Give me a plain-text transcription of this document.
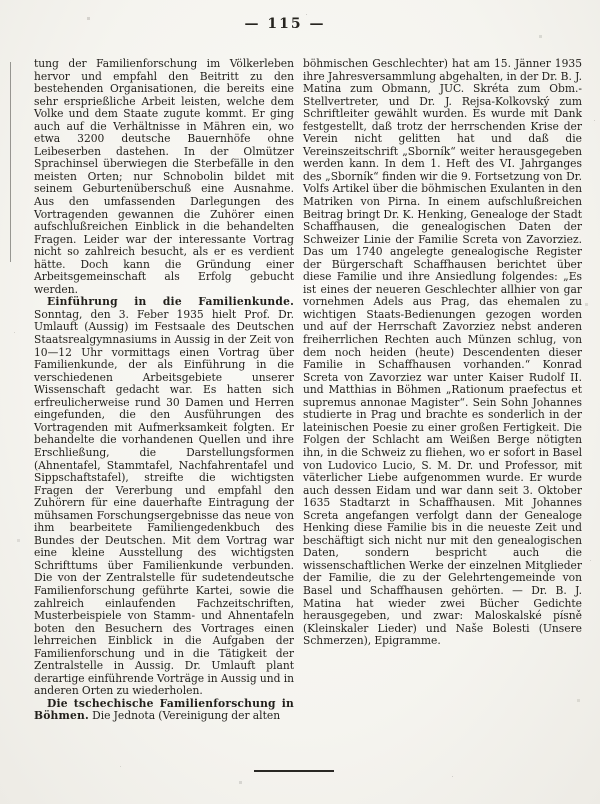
— 115 —

tung der Familienforschung im Völkerleben hervor und empfahl den Beitritt zu den bestehenden Organisationen, die bereits eine sehr ersprießliche Arbeit leisten, welche dem Volke und dem Staate zugute kommt. Er ging auch auf die Verhältnisse in Mähren ein, wo etwa 3200 deutsche Bauernhöfe ohne Leibeserben dastehen. In der Olmützer Sprachinsel überwiegen die Sterbefälle in den meisten Orten; nur Schnobolin bildet mit seinem Geburtenüberschuß eine Ausnahme. Aus den umfassenden Darlegungen des Vortragenden gewannen die Zuhörer einen aufschlußreichen Einblick in die behandelten Fragen. Leider war der interessante Vortrag nicht so zahlreich besucht, als er es verdient hätte. Doch kann die Gründung einer Arbeitsgemeinschaft als Erfolg gebucht werden.

Einführung in die Familienkunde. Sonntag, den 3. Feber 1935 hielt Prof. Dr. Umlauft (Aussig) im Festsaale des Deutschen Staatsrealgymnasiums in Aussig in der Zeit von 10—12 Uhr vormittags einen Vortrag über Familienkunde, der als Einführung in die verschiedenen Arbeitsgebiete unserer Wissenschaft gedacht war. Es hatten sich erfreulicherweise rund 30 Damen und Herren eingefunden, die den Ausführungen des Vortragenden mit Aufmerksamkeit folgten. Er behandelte die vorhandenen Quellen und ihre Erschließung, die Darstellungsformen (Ahnentafel, Stammtafel, Nachfahrentafel und Sippschaftstafel), streifte die wichtigsten Fragen der Vererbung und empfahl den Zuhörern für eine dauerhafte Eintragung der mühsamen Forschungsergebnisse das neue von ihm bearbeitete Familiengedenkbuch des Bundes der Deutschen. Mit dem Vortrag war eine kleine Ausstellung des wichtigsten Schrifttums über Familienkunde verbunden. Die von der Zentralstelle für sudetendeutsche Familienforschung geführte Kartei, sowie die zahlreich einlaufenden Fachzeitschriften, Musterbeispiele von Stamm- und Ahnentafeln boten den Besuchern des Vortrages einen lehrreichen Einblick in die Aufgaben der Familienforschung und in die Tätigkeit der Zentralstelle in Aussig. Dr. Umlauft plant derartige einführende Vorträge in Aussig und in anderen Orten zu wiederholen.

Die tschechische Familienforschung in Böhmen. Die Jednota (Vereinigung der alten

böhmischen Geschlechter) hat am 15. Jänner 1935 ihre Jahresversammlung abgehalten, in der Dr. B. J. Matina zum Obmann, JUC. Skréta zum Obm.-Stellvertreter, und Dr. J. Rejsa-Kolkovský zum Schriftleiter gewählt wurden. Es wurde mit Dank festgestellt, daß trotz der herrschenden Krise der Verein nicht gelitten hat und daß die Vereinszeitschrift „Sborník“ weiter herausgegeben werden kann. In dem 1. Heft des VI. Jahrganges des „Sborník“ finden wir die 9. Fortsetzung von Dr. Volfs Artikel über die böhmischen Exulanten in den Matriken von Pirna. In einem aufschlußreichen Beitrag bringt Dr. K. Henking, Genealoge der Stadt Schaffhausen, die genealogischen Daten der Schweizer Linie der Familie Screta von Zavorziez. Das um 1740 angelegte genealogische Register der Bürgerschaft Schaffhausen berichtet über diese Familie und ihre Ansiedlung folgendes: „Es ist eines der neueren Geschlechter allhier von gar vornehmen Adels aus Prag, das ehemalen zu wichtigen Staats-Bedienungen gezogen worden und auf der Herrschaft Zavorziez nebst anderen freiherrlichen Rechten auch Münzen schlug, von dem noch heiden (heute) Descendenten dieser Familie in Schaffhausen vorhanden.“ Konrad Screta von Zavorziez war unter Kaiser Rudolf II. und Matthias in Böhmen „Rationum praefectus et supremus annonae Magister“. Sein Sohn Johannes studierte in Prag und brachte es sonderlich in der lateinischen Poesie zu einer großen Fertigkeit. Die Folgen der Schlacht am Weißen Berge nötigten ihn, in die Schweiz zu fliehen, wo er sofort in Basel von Ludovico Lucio, S. M. Dr. und Professor, mit väterlicher Liebe aufgenommen wurde. Er wurde auch dessen Eidam und war dann seit 3. Oktober 1635 Stadtarzt in Schaffhausen. Mit Johannes Screta angefangen verfolgt dann der Genealoge Henking diese Familie bis in die neueste Zeit und beschäftigt sich nicht nur mit den genealogischen Daten, sondern bespricht auch die wissenschaftlichen Werke der einzelnen Mitglieder der Familie, die zu der Gelehrtengemeinde von Basel und Schaffhausen gehörten. — Dr. B. J. Matina hat wieder zwei Bücher Gedichte herausgegeben, und zwar: Maloskalské písně (Kleinskaler Lieder) und Naše Bolesti (Unsere Schmerzen), Epigramme.
